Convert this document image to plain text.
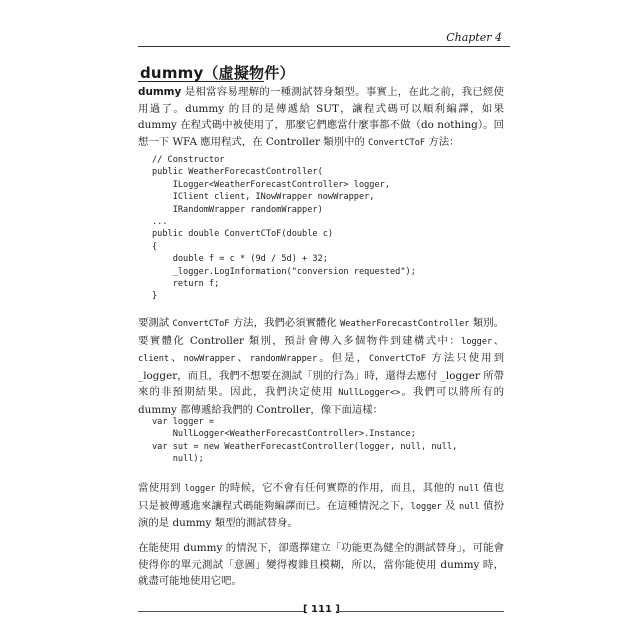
Chapter 4
dummy（虛擬物件）
dummy 是相當容易理解的一種測試替身類型。事實上，在此之前，我已經使用過了。dummy 的目的是傳遞給 SUT，讓程式碼可以順利編譯，如果 dummy 在程式碼中被使用了，那麼它們應當什麼事都不做（do nothing）。回想一下 WFA 應用程式，在 Controller 類別中的 ConvertCToF 方法：
// Constructor
public WeatherForecastController(
ILogger<WeatherForecastController> logger,
IClient client, INowWrapper nowWrapper,
IRandomWrapper randomWrapper)
...
public double ConvertCToF(double c)
{
double f = c * (9d / 5d) + 32;
_logger.LogInformation("conversion requested");
return f;
}
要測試 ConvertCToF 方法，我們必須實體化 WeatherForecastController 類別。要實體化 Controller 類別，預計會傳入多個物件到建構式中：logger、client、nowWrapper、randomWrapper。但是，ConvertCToF 方法只使用到 _logger，而且，我們不想要在測試「別的行為」時，還得去應付 _logger 所帶來的非預期結果。因此，我們決定使用 NullLogger<>。我們可以將所有的 dummy 都傳遞給我們的 Controller，像下面這樣：
var logger =
NullLogger<WeatherForecastController>.Instance;
var sut = new WeatherForecastController(logger, null, null,
null);
當使用到 logger 的時候，它不會有任何實際的作用，而且，其他的 null 值也只是被傳遞進來讓程式碼能夠編譯而已。在這種情況之下，logger 及 null 值扮演的是 dummy 類型的測試替身。
在能使用 dummy 的情況下，卻選擇建立「功能更為健全的測試替身」，可能會使得你的單元測試「意圖」變得複雜且模糊，所以，當你能使用 dummy 時，就盡可能地使用它吧。
[ 111 ]
